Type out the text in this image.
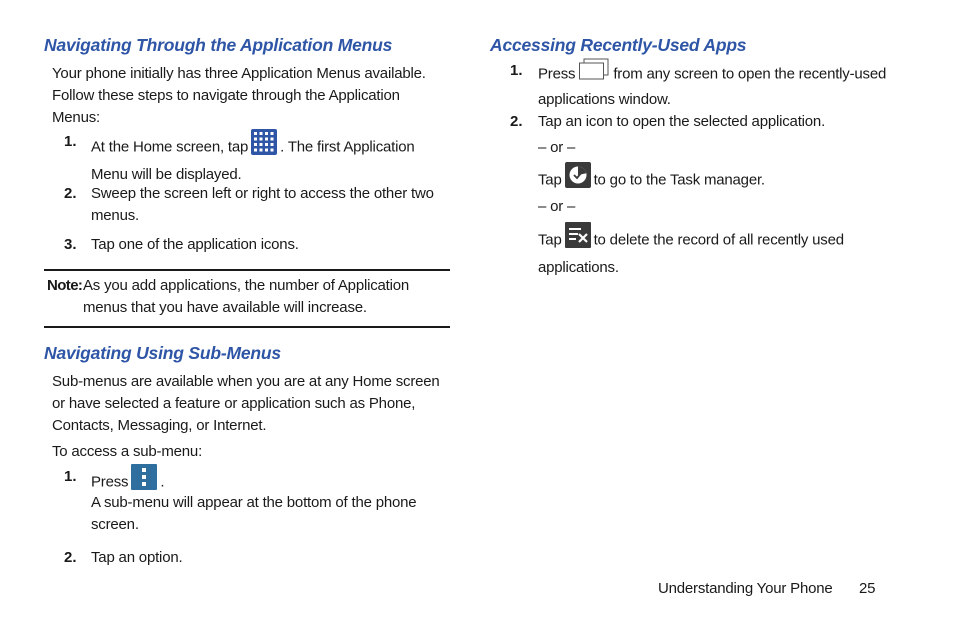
Navigating Through the Application Menus
Your phone initially has three Application Menus available. Follow these steps to navigate through the Application Menus:
1. At the Home screen, tap . The first Application Menu will be displayed.
2. Sweep the screen left or right to access the other two menus.
3. Tap one of the application icons.
Note: As you add applications, the number of Application menus that you have available will increase.
Navigating Using Sub-Menus
Sub-menus are available when you are at any Home screen or have selected a feature or application such as Phone, Contacts, Messaging, or Internet.
To access a sub-menu:
1. Press .
A sub-menu will appear at the bottom of the phone screen.
2. Tap an option.
Accessing Recently-Used Apps
1. Press	from any screen to open the recently-used applications window.
2. Tap an icon to open the selected application.
– or –
Tap to go to the Task manager.
– or –
Tap to delete the record of all recently used applications.
Understanding Your Phone 25
